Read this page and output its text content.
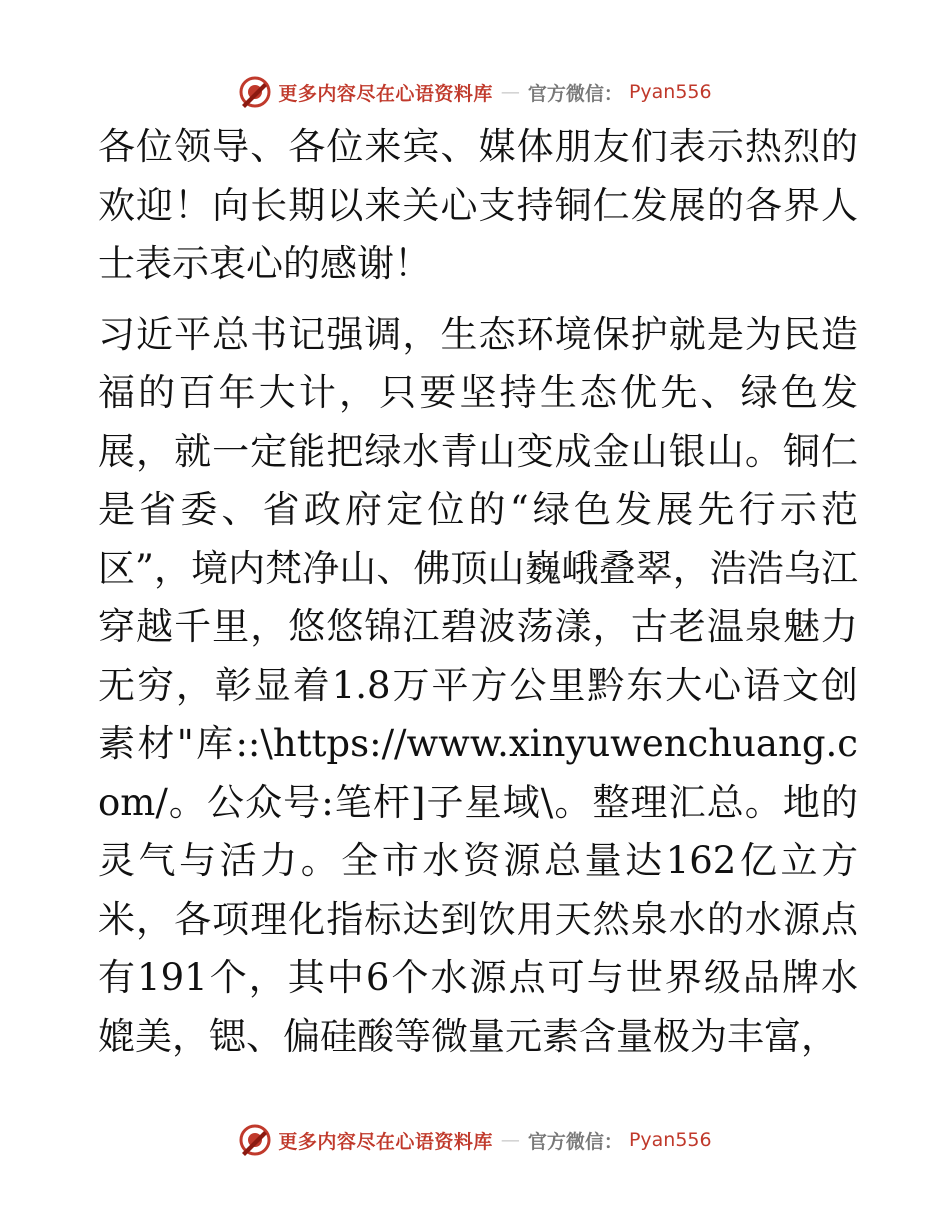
更多内容尽在心语资料库 — 官方微信： Pyan556

各位领导、各位来宾、媒体朋友们表示热烈的欢迎！向长期以来关心支持铜仁发展的各界人士表示衷心的感谢！

习近平总书记强调，生态环境保护就是为民造福的百年大计，只要坚持生态优先、绿色发展，就一定能把绿水青山变成金山银山。铜仁是省委、省政府定位的“绿色发展先行示范区”，境内梵净山、佛顶山巍峨叠翠，浩浩乌江穿越千里，悠悠锦江碧波荡漾，古老温泉魅力无穷，彰显着1.8万平方公里黔东大心语文创素材"库::\https://www.xinyuwenchuang.com/。公众号:笔杆]子星域\。整理汇总。地的灵气与活力。全市水资源总量达162亿立方米，各项理化指标达到饮用天然泉水的水源点有191个，其中6个水源点可与世界级品牌水媲美，锶、偏硅酸等微量元素含量极为丰富，

更多内容尽在心语资料库 — 官方微信： Pyan556
